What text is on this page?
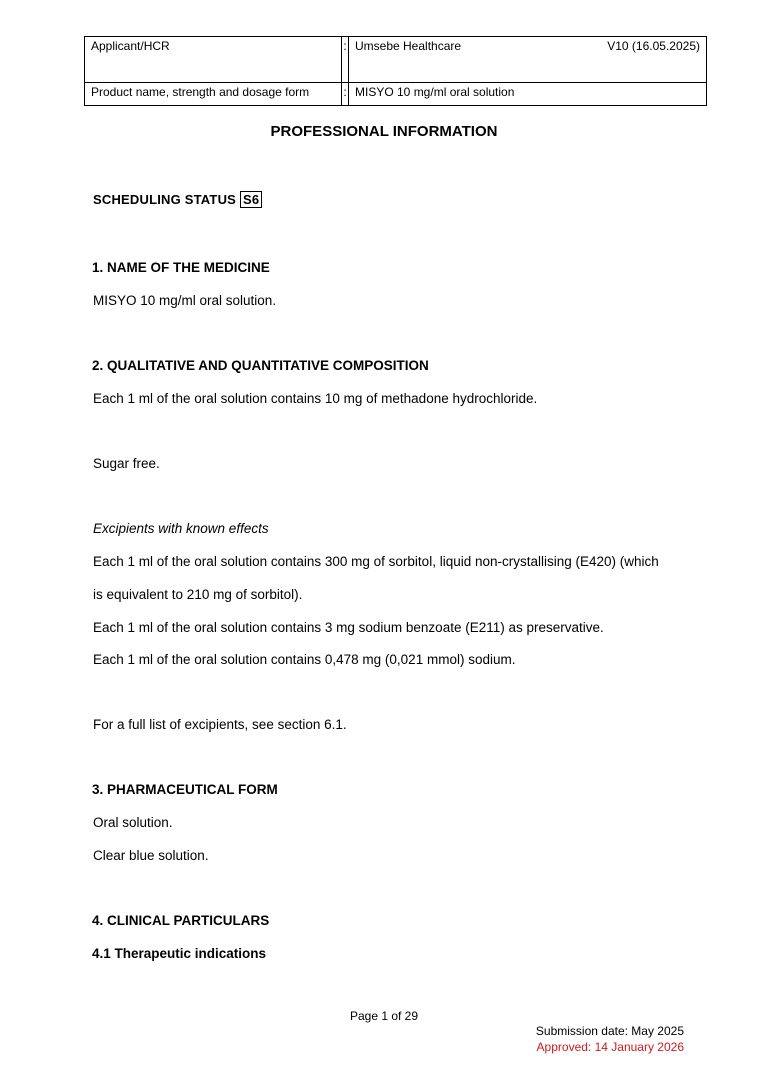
Applicant/HCR	:	Umsebe Healthcare V10 (16.05.2025)

Product name, strength and dosage form	:	MISYO 10 mg/ml oral solution
PROFESSIONAL INFORMATION
SCHEDULING STATUS S6
1. NAME OF THE MEDICINE
MISYO 10 mg/ml oral solution.
2. QUALITATIVE AND QUANTITATIVE COMPOSITION
Each 1 ml of the oral solution contains 10 mg of methadone hydrochloride.
Sugar free.
Excipients with known effects
Each 1 ml of the oral solution contains 300 mg of sorbitol, liquid non-crystallising (E420) (which
is equivalent to 210 mg of sorbitol).
Each 1 ml of the oral solution contains 3 mg sodium benzoate (E211) as preservative.
Each 1 ml of the oral solution contains 0,478 mg (0,021 mmol) sodium.
For a full list of excipients, see section 6.1.
3. PHARMACEUTICAL FORM
Oral solution.
Clear blue solution.
4. CLINICAL PARTICULARS
4.1 Therapeutic indications
Page 1 of 29
Submission date: May 2025
Approved: 14 January 2026
